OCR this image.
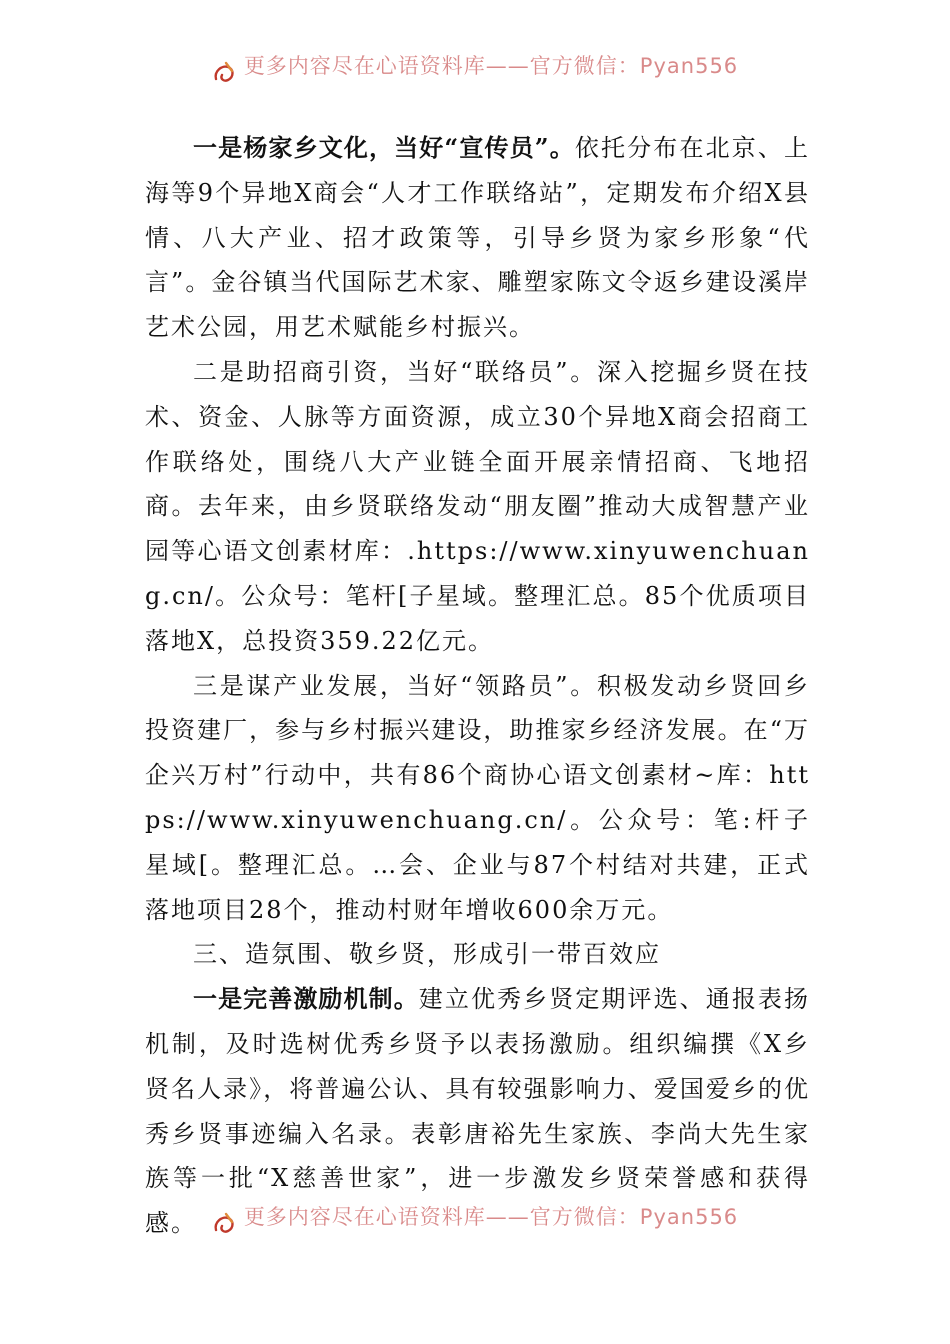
更多内容尽在心语资料库——官方微信：Pyan556

一是杨家乡文化，当好“宣传员”。依托分布在北京、上海等9个异地X商会“人才工作联络站”，定期发布介绍X县情、八大产业、招才政策等，引导乡贤为家乡形象“代言”。金谷镇当代国际艺术家、雕塑家陈文令返乡建设溪岸艺术公园，用艺术赋能乡村振兴。

二是助招商引资，当好“联络员”。深入挖掘乡贤在技术、资金、人脉等方面资源，成立30个异地X商会招商工作联络处，围绕八大产业链全面开展亲情招商、飞地招商。去年来，由乡贤联络发动“朋友圈”推动大成智慧产业园等心语文创素材库：.https://www.xinyuwenchuang.cn/。公众号：笔杆[子星域。整理汇总。85个优质项目落地X，总投资359.22亿元。

三是谋产业发展，当好“领路员”。积极发动乡贤回乡投资建厂，参与乡村振兴建设，助推家乡经济发展。在“万企兴万村”行动中，共有86个商协心语文创素材~库：https://www.xinyuwenchuang.cn/。公众号：笔:杆子星域[。整理汇总。…会、企业与87个村结对共建，正式落地项目28个，推动村财年增收600余万元。

三、造氛围、敬乡贤，形成引一带百效应

一是完善激励机制。建立优秀乡贤定期评选、通报表扬机制，及时选树优秀乡贤予以表扬激励。组织编撰《X乡贤名人录》，将普遍公认、具有较强影响力、爱国爱乡的优秀乡贤事迹编入名录。表彰唐裕先生家族、李尚大先生家族等一批“X慈善世家”，进一步激发乡贤荣誉感和获得感。	更多内容尽在心语资料库——官方微信：Pyan556
